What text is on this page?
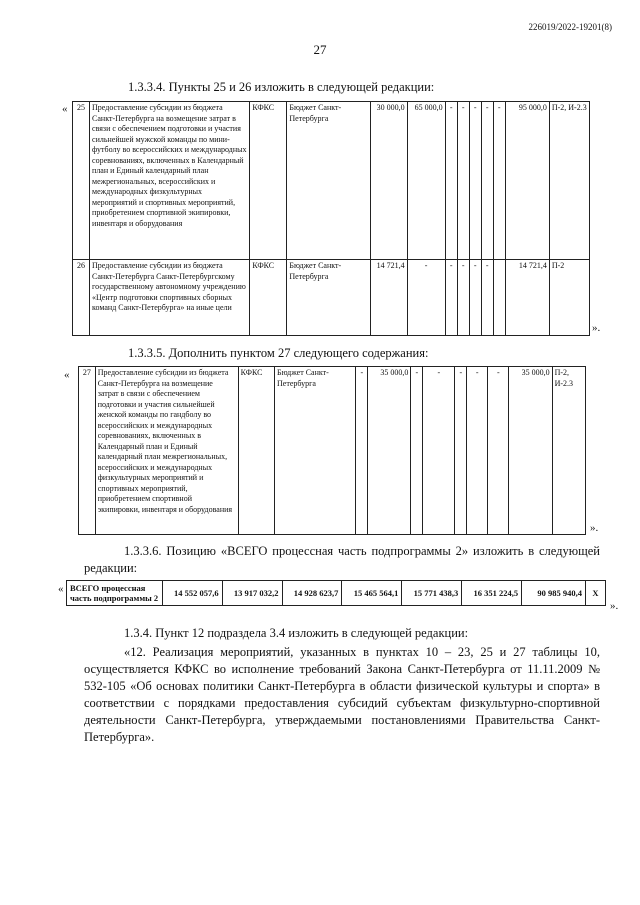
226019/2022-19201(8)
27
1.3.3.4. Пункты 25 и 26 изложить в следующей редакции:
« 25	Предоставление субсидии из бюджета Санкт-Петербурга на возмещение затрат в связи с обеспечением подготовки и участия сильнейшей мужской команды по мини-футболу во всероссийских и международных соревнованиях, включенных в Календарный план и Единый календарный план межрегиональных, всероссийских и международных физкультурных мероприятий и спортивных мероприятий, приобретением спортивной экипировки, инвентаря и оборудования	КФКС	Бюджет Санкт-Петербурга	30 000,0	65 000,0	-	-	-	-	-	95 000,0	П-2, И-2.3
26	Предоставление субсидии из бюджета Санкт-Петербурга Санкт-Петербургскому государственному автономному учреждению «Центр подготовки спортивных сборных команд Санкт-Петербурга» на иные цели	КФКС	Бюджет Санкт-Петербурга	14 721,4	-	-	-	-	-		14 721,4	П-2
».
1.3.3.5. Дополнить пунктом 27 следующего содержания:
« 27	Предоставление субсидии из бюджета Санкт-Петербурга на возмещение затрат в связи с обеспечением подготовки и участия сильнейшей женской команды по гандболу во всероссийских и международных соревнованиях, включенных в Календарный план и Единый календарный план межрегиональных, всероссийских и международных физкультурных мероприятий и спортивных мероприятий, приобретением спортивной экипировки, инвентаря и оборудования	КФКС	Бюджет Санкт-Петербурга	-	35 000,0	-	-	-	-	-	35 000,0	П-2, И-2.3
».
1.3.3.6. Позицию «ВСЕГО процессная часть подпрограммы 2» изложить в следующей редакции:
« ВСЕГО процессная часть подпрограммы 2	14 552 057,6	13 917 032,2	14 928 623,7	15 465 564,1	15 771 438,3	16 351 224,5	90 985 940,4	X
».
1.3.4. Пункт 12 подраздела 3.4 изложить в следующей редакции:
«12. Реализация мероприятий, указанных в пунктах 10 – 23, 25 и 27 таблицы 10, осуществляется КФКС во исполнение требований Закона Санкт-Петербурга от 11.11.2009 № 532-105 «Об основах политики Санкт-Петербурга в области физической культуры и спорта» в соответствии с порядками предоставления субсидий субъектам физкультурно-спортивной деятельности Санкт-Петербурга, утверждаемыми постановлениями Правительства Санкт-Петербурга».
